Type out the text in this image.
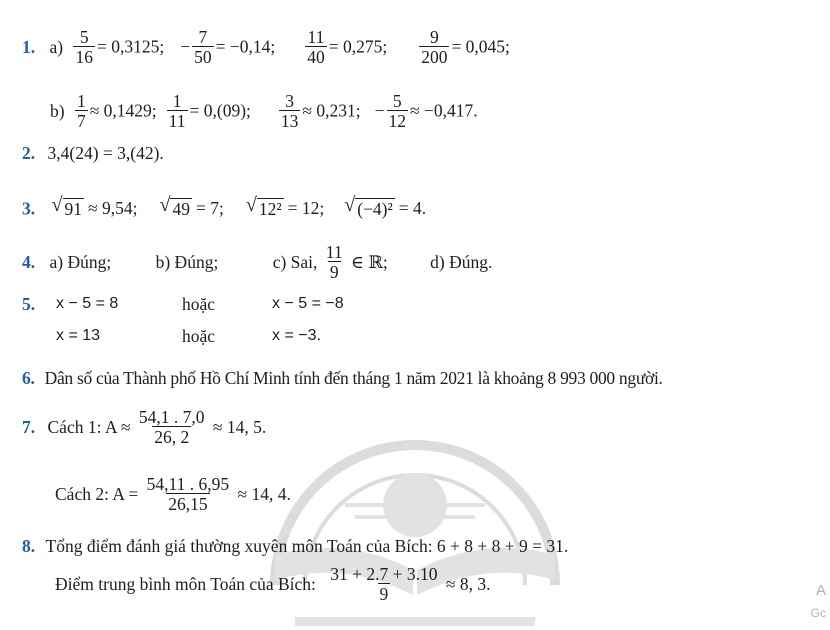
1. $a) \frac{5}{16} = 0,3125$; − $\frac{7}{50} = -0,14$; $\frac{11}{40} = 0,275$; $\frac{9}{200} = 0,045$;
$b) \frac{1}{7} \approx 0,1429$; $\frac{1}{11} = 0,(09)$; $\frac{3}{13} \approx 0,231$; − $\frac{5}{12} \approx -0,417$.
2. 3,4(24) = 3,(42).
3. √ 91 ≈ 9,54; √ 49 = 7; √ 12² = 12; √ (−4)² = 4.
4. a) Đúng;	b) Đúng;	c) Sai, $\frac{11}{9}$ ∈ ℝ; d) Đúng.
5. x − 5 = 8	hoặc	x − 5 = −8
x = 13	hoặc	x = −3.
6. Dân số của Thành phố Hồ Chí Minh tính đến tháng 1 năm 2021 là khoảng 8 993 000 người.
7. Cách 1: $A \approx \frac{54,1 . 7,0}{26, 2} \approx 14$, 5.
Cách 2: $A = \frac{54,11 . 6,95}{26,15} \approx 14$, 4.
8. Tổng điểm đánh giá thường xuyên môn Toán của Bích: 6 + 8 + 8 + 9 = 31.
Điểm trung bình môn Toán của Bích: $\frac{31 + 2.7 + 3.10}{9} \approx 8$, 3.	A
Gc
